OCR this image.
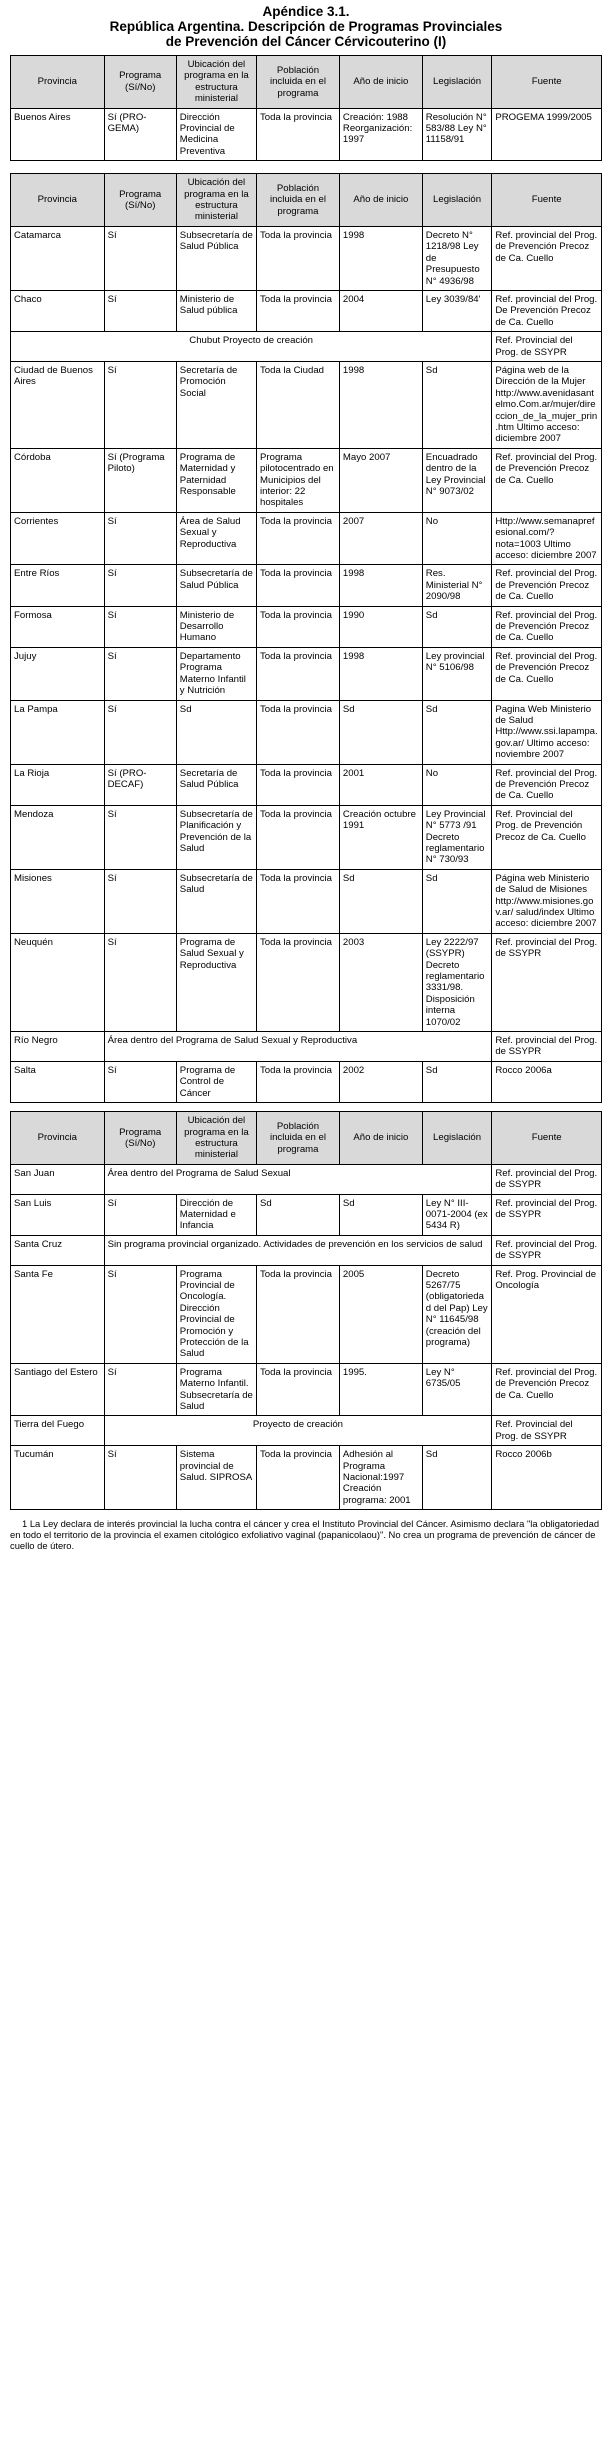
Apéndice 3.1.
República Argentina. Descripción de Programas Provinciales
de Prevención del Cáncer Cérvicouterino (I)
Provincia	Programa (Sí/No)	Ubicación del programa en la estructura ministerial	Población incluida en el programa	Año de inicio	Legislación	Fuente
Buenos Aires	Sí (PRO-GEMA)	Dirección Provincial de Medicina Preventiva	Toda la provincia	Creación: 1988 Reorganización: 1997	Resolución N° 583/88 Ley N° 11158/91	PROGEMA 1999/2005
Provincia	Programa (Sí/No)	Ubicación del programa en la estructura ministerial	Población incluida en el programa	Año de inicio	Legislación	Fuente
Catamarca	Sí	Subsecretaría de Salud Pública	Toda la provincia	1998	Decreto N° 1218/98 Ley de Presupuesto N° 4936/98	Ref. provincial del Prog. de Prevención Precoz de Ca. Cuello
Chaco	Sí	Ministerio de Salud pública	Toda la provincia	2004	Ley 3039/84'	Ref. provincial del Prog. De Prevención Precoz de Ca. Cuello
Chubut Proyecto de creación						Ref. Provincial del Prog. de SSYPR
Ciudad de Buenos Aires	Sí	Secretaría de Promoción Social	Toda la Ciudad	1998	Sd	Página web de la Dirección de la Mujer http://www.avenidasantelmo.Com.ar/mujer/direccion_de_la_mujer_prin.htm Ultimo acceso: diciembre 2007
Córdoba	Sí (Programa Piloto)	Programa de Maternidad y Paternidad Responsable	Programa pilotocentrado en Municipios del interior: 22 hospitales	Mayo 2007	Encuadrado dentro de la Ley Provincial N° 9073/02	Ref. provincial del Prog. de Prevención Precoz de Ca. Cuello
Corrientes	Sí	Área de Salud Sexual y Reproductiva	Toda la provincia	2007	No	Http://www.semanaprefesional.com/?nota=1003 Ultimo acceso: diciembre 2007
Entre Ríos	Sí	Subsecretaría de Salud Pública	Toda la provincia	1998	Res. Ministerial N° 2090/98	Ref. provincial del Prog. de Prevención Precoz de Ca. Cuello
Formosa	Sí	Ministerio de Desarrollo Humano	Toda la provincia	1990	Sd	Ref. provincial del Prog. de Prevención Precoz de Ca. Cuello
Jujuy	Sí	Departamento Programa Materno Infantil y Nutrición	Toda la provincia	1998	Ley provincial N° 5106/98	Ref. provincial del Prog. de Prevención Precoz de Ca. Cuello
La Pampa	Sí	Sd	Toda la provincia	Sd	Sd	Pagina Web Ministerio de Salud Http://www.ssi.lapampa.gov.ar/ Ultimo acceso: noviembre 2007
La Rioja	Sí (PRO-DECAF)	Secretaría de Salud Pública	Toda la provincia	2001	No	Ref. provincial del Prog. de Prevención Precoz de Ca. Cuello
Mendoza	Sí	Subsecretaría de Planificación y Prevención de la Salud	Toda la provincia	Creación octubre 1991	Ley Provincial N° 5773 /91 Decreto reglamentario N° 730/93	Ref. Provincial del Prog. de Prevención Precoz de Ca. Cuello
Misiones	Sí	Subsecretaría de Salud	Toda la provincia	Sd	Sd	Página web Ministerio de Salud de Misiones http://www.misiones.gov.ar/ salud/index Ultimo acceso: diciembre 2007
Neuquén	Sí	Programa de Salud Sexual y Reproductiva	Toda la provincia	2003	Ley 2222/97 (SSYPR) Decreto reglamentario 3331/98. Disposición interna 1070/02	Ref. provincial del Prog. de SSYPR
Río Negro	Área dentro del Programa de Salud Sexual y Reproductiva					Ref. provincial del Prog. de SSYPR
Salta	Sí	Programa de Control de Cáncer	Toda la provincia	2002	Sd	Rocco 2006a
Provincia	Programa (Sí/No)	Ubicación del programa en la estructura ministerial	Población incluida en el programa	Año de inicio	Legislación	Fuente
San Juan	Área dentro del Programa de Salud Sexual					Ref. provincial del Prog. de SSYPR
San Luis	Sí	Dirección de Maternidad e Infancia	Sd	Sd	Ley N° III-0071-2004 (ex 5434 R)	Ref. provincial del Prog. de SSYPR
Santa Cruz	Sin programa provincial organizado. Actividades de prevención en los servicios de salud					Ref. provincial del Prog. de SSYPR
Santa Fe	Sí	Programa Provincial de Oncología. Dirección Provincial de Promoción y Protección de la Salud	Toda la provincia	2005	Decreto 5267/75 (obligatoriedad del Pap) Ley N° 11645/98 (creación del programa)	Ref. Prog. Provincial de Oncología
Santiago del Estero	Sí	Programa Materno Infantil. Subsecretaría de Salud	Toda la provincia	1995.	Ley N° 6735/05	Ref. provincial del Prog. de Prevención Precoz de Ca. Cuello
Tierra del Fuego	Proyecto de creación					Ref. Provincial del Prog. de SSYPR
Tucumán	Sí	Sistema provincial de Salud. SIPROSA	Toda la provincia	Adhesión al Programa Nacional:1997 Creación programa: 2001	Sd	Rocco 2006b
1 La Ley declara de interés provincial la lucha contra el cáncer y crea el Instituto Provincial del Cáncer. Asimismo declara "la obligatoriedad en todo el territorio de la provincia el examen citológico exfoliativo vaginal (papanicolaou)". No crea un programa de prevención de cáncer de cuello de útero.
